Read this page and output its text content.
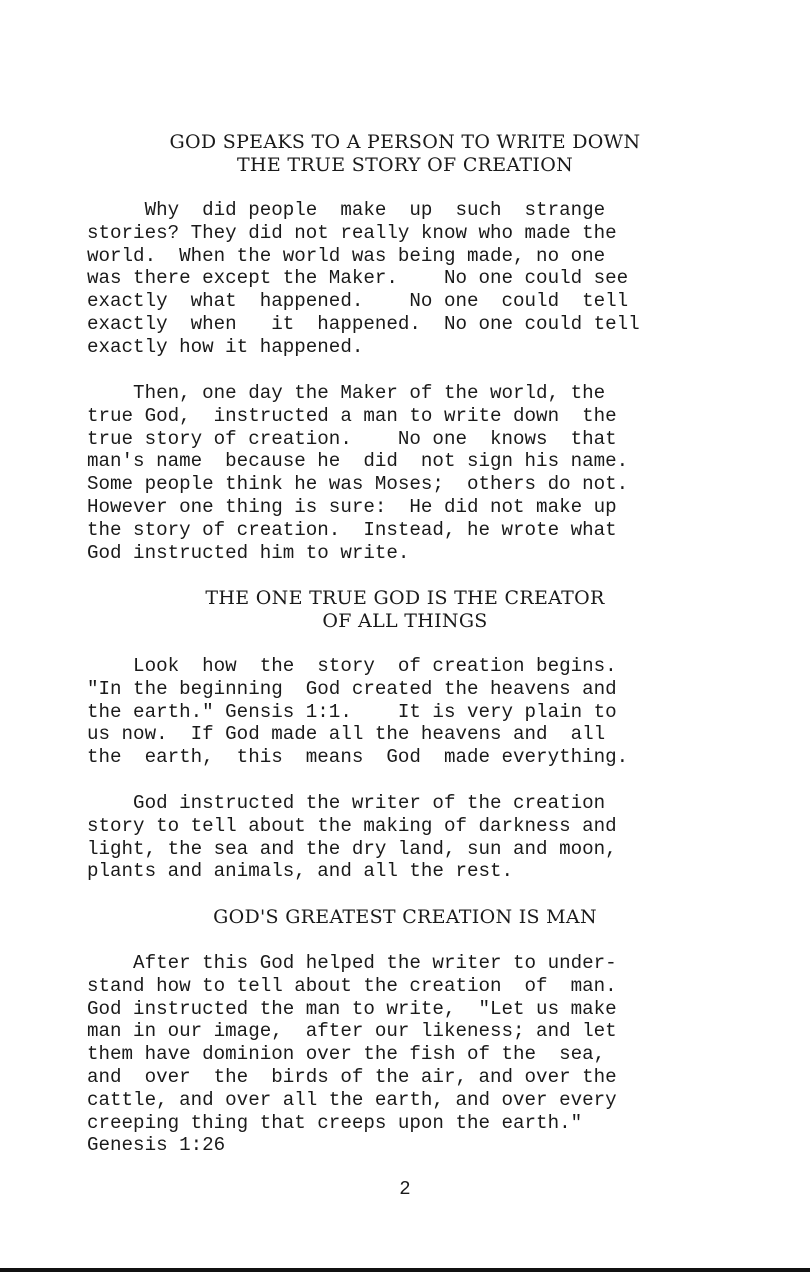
GOD SPEAKS TO A PERSON TO WRITE DOWN
THE TRUE STORY OF CREATION

Why  did people  make  up  such  strange
stories? They did not really know who made the
world.  When the world was being made, no one
was there except the Maker.    No one could see
exactly  what  happened.    No one  could  tell
exactly  when   it  happened.  No one could tell
exactly how it happened.

Then, one day the Maker of the world, the
true God,  instructed a man to write down  the
true story of creation.    No one  knows  that
man's name  because he  did  not sign his name.
Some people think he was Moses;  others do not.
However one thing is sure:  He did not make up
the story of creation.  Instead, he wrote what
God instructed him to write.

THE ONE TRUE GOD IS THE CREATOR
OF ALL THINGS

Look  how  the  story  of creation begins.
"In the beginning  God created the heavens and
the earth." Gensis 1:1.    It is very plain to
us now.  If God made all the heavens and  all
the  earth,  this  means  God  made everything.

God instructed the writer of the creation
story to tell about the making of darkness and
light, the sea and the dry land, sun and moon,
plants and animals, and all the rest.

GOD'S GREATEST CREATION IS MAN

After this God helped the writer to under-
stand how to tell about the creation  of  man.
God instructed the man to write,  "Let us make
man in our image,  after our likeness; and let
them have dominion over the fish of the  sea,
and  over  the  birds of the air, and over the
cattle, and over all the earth, and over every
creeping thing that creeps upon the earth."
Genesis 1:26

2
